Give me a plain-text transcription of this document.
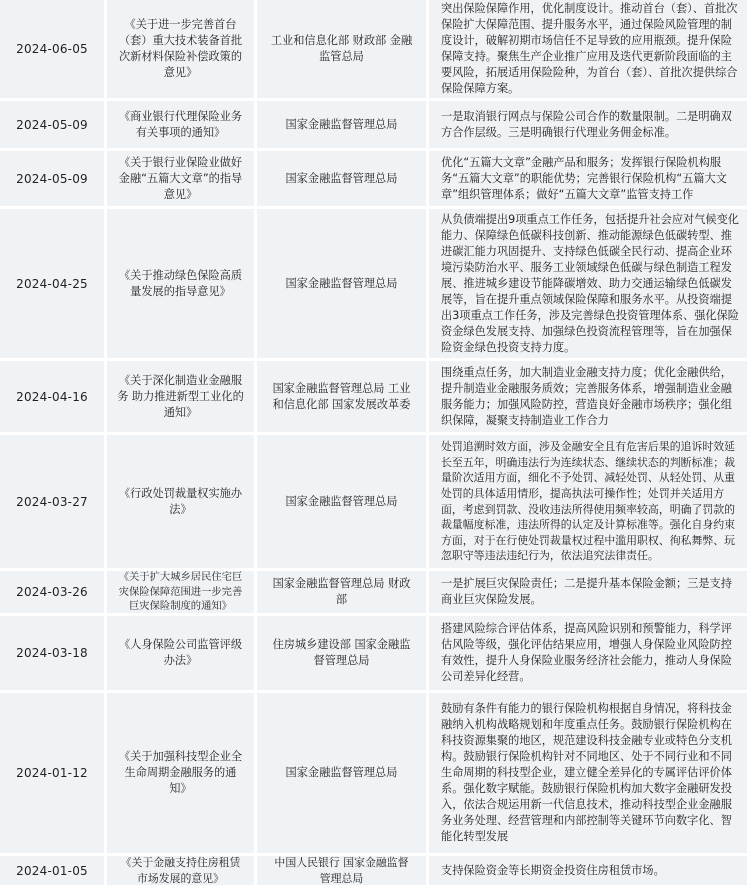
2024-06-05
《关于进一步完善首台（套）重大技术装备首批次新材料保险补偿政策的意见》
工业和信息化部 财政部 金融监管总局
突出保险保障作用，优化制度设计。推动首台（套）、首批次保险扩大保障范围、提升服务水平，通过保险风险管理的制度设计，破解初期市场信任不足导致的应用瓶颈。提升保险保障支持。聚焦生产企业推广应用及迭代更新阶段面临的主要风险，拓展适用保险险种，为首台（套）、首批次提供综合保险保障方案。
2024-05-09
《商业银行代理保险业务有关事项的通知》
国家金融监督管理总局
一是取消银行网点与保险公司合作的数量限制。二是明确双方合作层级。三是明确银行代理业务佣金标准。
2024-05-09
《关于银行业保险业做好金融“五篇大文章”的指导意见》
国家金融监督管理总局
优化“五篇大文章”金融产品和服务；发挥银行保险机构服务“五篇大文章”的职能优势；完善银行保险机构“五篇大文章”组织管理体系；做好“五篇大文章”监管支持工作
2024-04-25
《关于推动绿色保险高质量发展的指导意见》
国家金融监督管理总局
从负债端提出9项重点工作任务，包括提升社会应对气候变化能力、保障绿色低碳科技创新、推动能源绿色低碳转型、推进碳汇能力巩固提升、支持绿色低碳全民行动、提高企业环境污染防治水平、服务工业领域绿色低碳与绿色制造工程发展、推进城乡建设节能降碳增效、助力交通运输绿色低碳发展等，旨在提升重点领域保险保障和服务水平。从投资端提出3项重点工作任务，涉及完善绿色投资管理体系、强化保险资金绿色发展支持、加强绿色投资流程管理等，旨在加强保险资金绿色投资支持力度。
2024-04-16
《关于深化制造业金融服务 助力推进新型工业化的通知》
国家金融监督管理总局 工业和信息化部 国家发展改革委
围绕重点任务，加大制造业金融支持力度；优化金融供给，提升制造业金融服务质效；完善服务体系，增强制造业金融服务能力；加强风险防控，营造良好金融市场秩序；强化组织保障，凝聚支持制造业工作合力
2024-03-27
《行政处罚裁量权实施办法》
国家金融监督管理总局
处罚追溯时效方面，涉及金融安全且有危害后果的追诉时效延长至五年，明确违法行为连续状态、继续状态的判断标准；裁量阶次适用方面，细化不予处罚、减轻处罚、从轻处罚、从重处罚的具体适用情形，提高执法可操作性；处罚并关适用方面，考虑到罚款、没收违法所得使用频率较高，明确了罚款的裁量幅度标准，违法所得的认定及计算标准等。强化自身约束方面，对于在行使处罚裁量权过程中滥用职权、徇私舞弊、玩忽职守等违法违纪行为，依法追究法律责任。
2024-03-26
《关于扩大城乡居民住宅巨灾保险保障范围进一步完善巨灾保险制度的通知》
国家金融监督管理总局 财政部
一是扩展巨灾保险责任；二是提升基本保险金额；三是支持商业巨灾保险发展。
2024-03-18
《人身保险公司监管评级办法》
住房城乡建设部 国家金融监督管理总局
搭建风险综合评估体系，提高风险识别和预警能力，科学评估风险等级，强化评估结果应用，增强人身保险业风险防控有效性，提升人身保险业服务经济社会能力，推动人身保险公司差异化经营。
2024-01-12
《关于加强科技型企业全生命周期金融服务的通知》
国家金融监督管理总局
鼓励有条件有能力的银行保险机构根据自身情况，将科技金融纳入机构战略规划和年度重点任务。鼓励银行保险机构在科技资源集聚的地区，规范建设科技金融专业或特色分支机构。鼓励银行保险机构针对不同地区、处于不同行业和不同生命周期的科技型企业，建立健全差异化的专属评估评价体系。强化数字赋能。鼓励银行保险机构加大数字金融研发投入，依法合规运用新一代信息技术，推动科技型企业金融服务业务处理、经营管理和内部控制等关键环节向数字化、智能化转型发展
2024-01-05
《关于金融支持住房租赁市场发展的意见》
中国人民银行 国家金融监督管理总局
支持保险资金等长期资金投资住房租赁市场。
